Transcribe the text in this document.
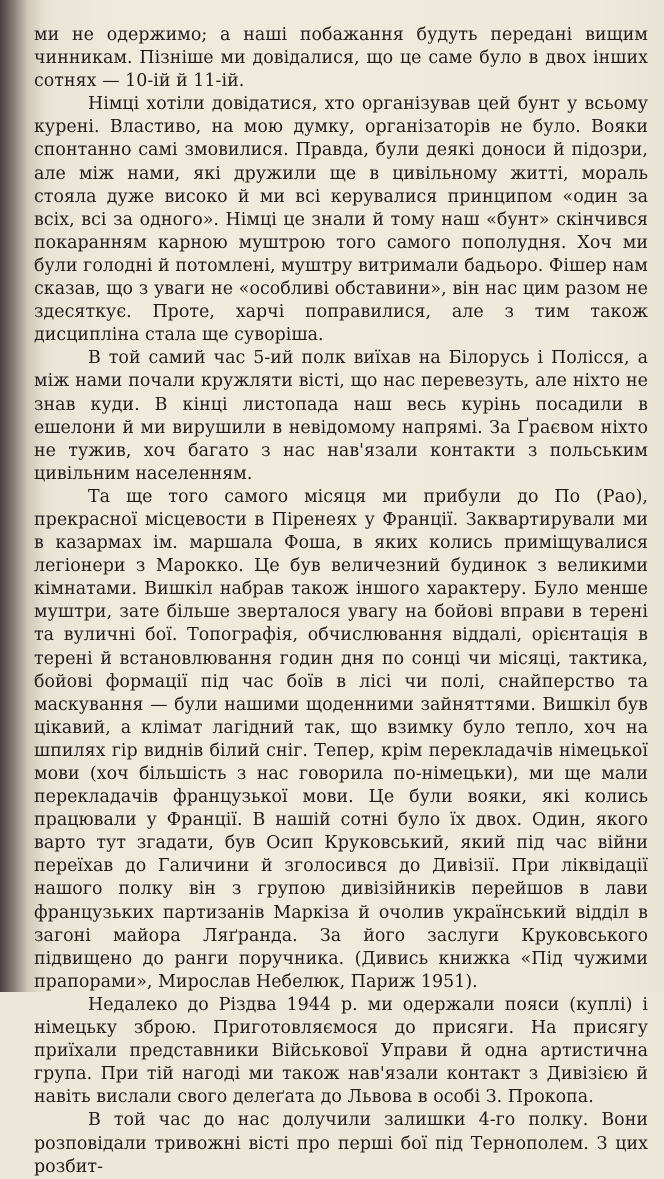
ми не одержимо; а наші побажання будуть передані вищим чинникам. Пізніше ми довідалися, що це саме було в двох інших сотнях — 10-ій й 11-ій.

Німці хотіли довідатися, хто організував цей бунт у всьому курені. Властиво, на мою думку, організаторів не було. Вояки спонтанно самі змовилися. Правда, були деякі доноси й підозри, але між нами, які дружили ще в цивільному житті, мораль стояла дуже високо й ми всі керувалися принципом «один за всіх, всі за одного». Німці це знали й тому наш «бунт» скінчився покаранням карною муштрою того самого пополудня. Хоч ми були голодні й потомлені, муштру витримали бадьоро. Фішер нам сказав, що з уваги не «особливі обставини», він нас цим разом не здесяткує. Проте, харчі поправилися, але з тим також дисципліна стала ще суворіша.

В той самий час 5-ий полк виїхав на Білорусь і Полісся, а між нами почали кружляти вісті, що нас перевезуть, але ніхто не знав куди. В кінці листопада наш весь курінь посадили в ешелони й ми вирушили в невідомому напрямі. За Ґраєвом ніхто не тужив, хоч багато з нас нав'язали контакти з польським цивільним населенням.

Та ще того самого місяця ми прибули до По (Рао), прекрасної місцевости в Піренеях у Франції. Заквартирували ми в казармах ім. маршала Фоша, в яких колись приміщувалися легіонери з Марокко. Це був величезний будинок з великими кімнатами. Вишкіл набрав також іншого характеру. Було менше муштри, зате більше зверталося увагу на бойові вправи в терені та вуличні бої. Топографія, обчислювання віддалі, орієнтація в терені й встановлювання годин дня по сонці чи місяці, тактика, бойові формації під час боїв в лісі чи полі, снайперство та маскування — були нашими щоденними зайняттями. Вишкіл був цікавий, а клімат лагідний так, що взимку було тепло, хоч на шпилях гір виднів білий сніг. Тепер, крім перекладачів німецької мови (хоч більшість з нас говорила по-німецьки), ми ще мали перекладачів французької мови. Це були вояки, які колись працювали у Франції. В нашій сотні було їх двох. Один, якого варто тут згадати, був Осип Круковський, який під час війни переїхав до Галичини й зголосився до Дивізії. При ліквідації нашого полку він з групою дивізійників перейшов в лави французьких партизанів Маркіза й очолив український відділ в загоні майора Ляґранда. За його заслуги Круковського підвищено до ранги поручника. (Дивись книжка «Під чужими прапорами», Мирослав Небелюк, Париж 1951).

Недалеко до Різдва 1944 р. ми одержали пояси (куплі) і німецьку зброю. Приготовляємося до присяги. На присягу приїхали представники Військової Управи й одна артистична група. При тій нагоді ми також нав'язали контакт з Дивізією й навіть вислали свого делеґата до Львова в особі З. Прокопа.

В той час до нас долучили залишки 4-го полку. Вони розповідали тривожні вісті про перші бої під Тернополем. З цих розбит-
